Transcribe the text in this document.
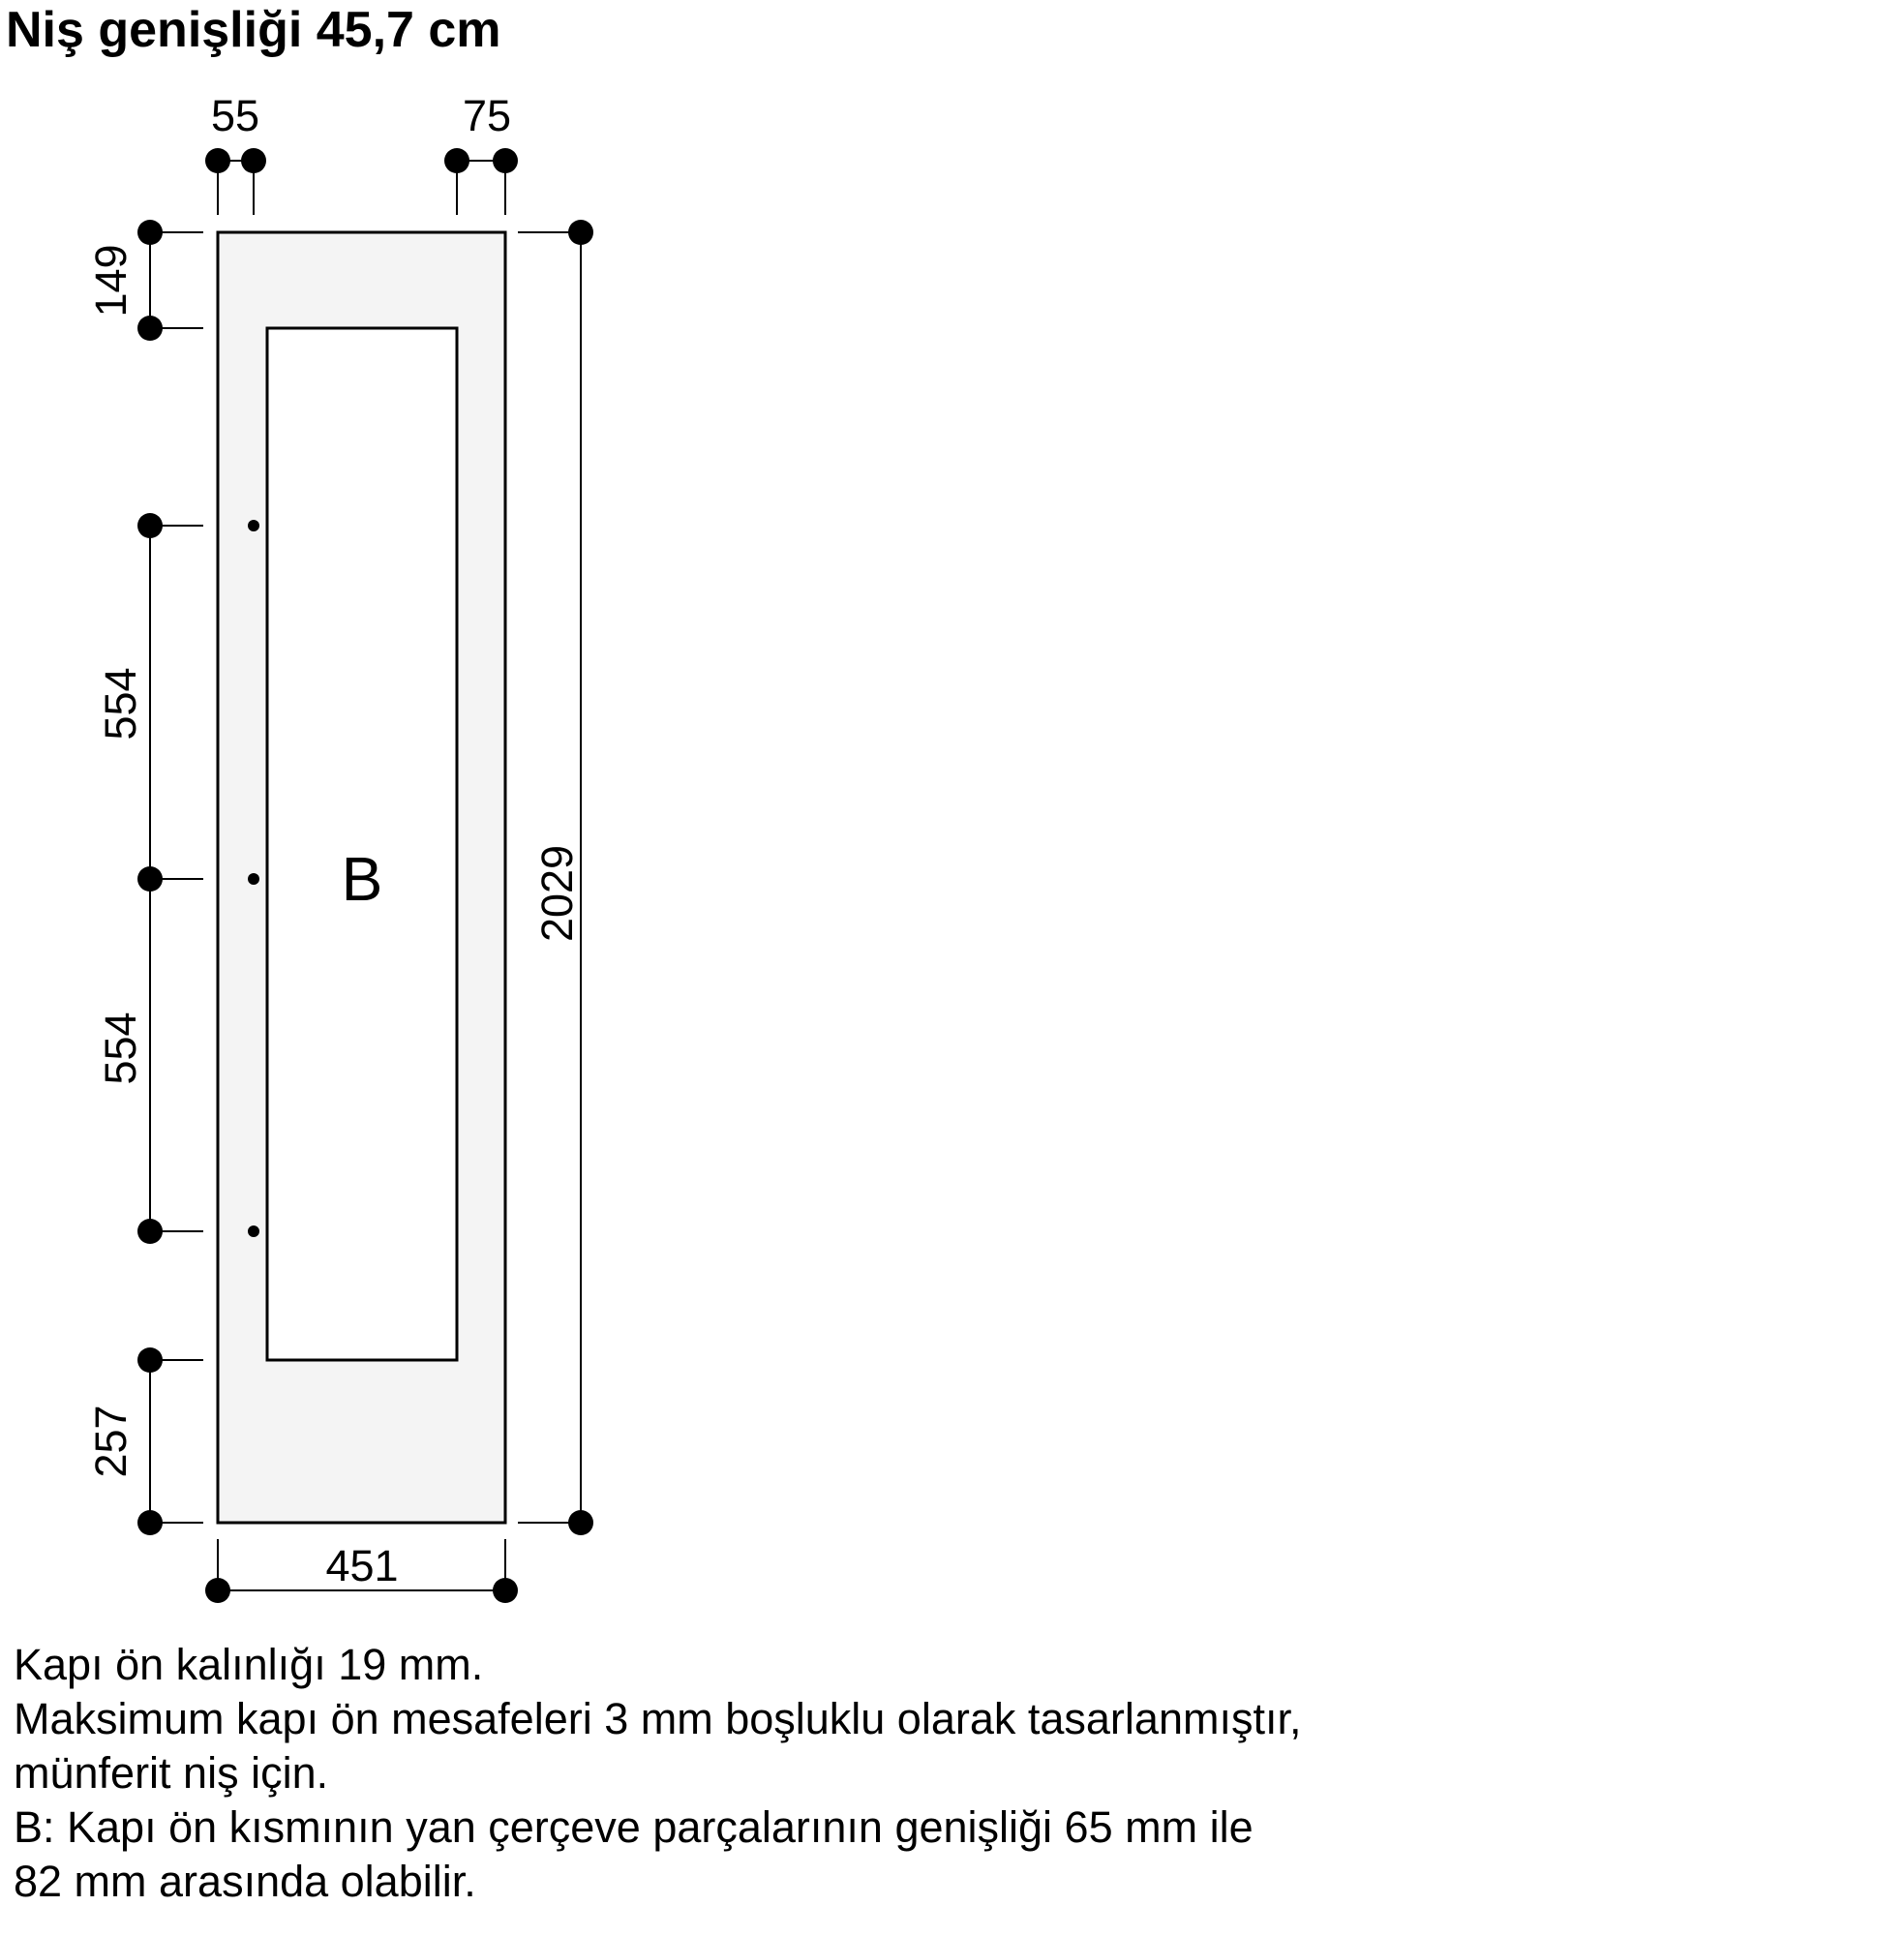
Niş genişliği 45,7 cm
B
55	75
149
554
554
257
2029
451
Kapı ön kalınlığı 19 mm.
Maksimum kapı ön mesafeleri 3 mm boşluklu olarak tasarlanmıştır,
münferit niş için.
B: Kapı ön kısmının yan çerçeve parçalarının genişliği 65 mm ile
82 mm arasında olabilir.
